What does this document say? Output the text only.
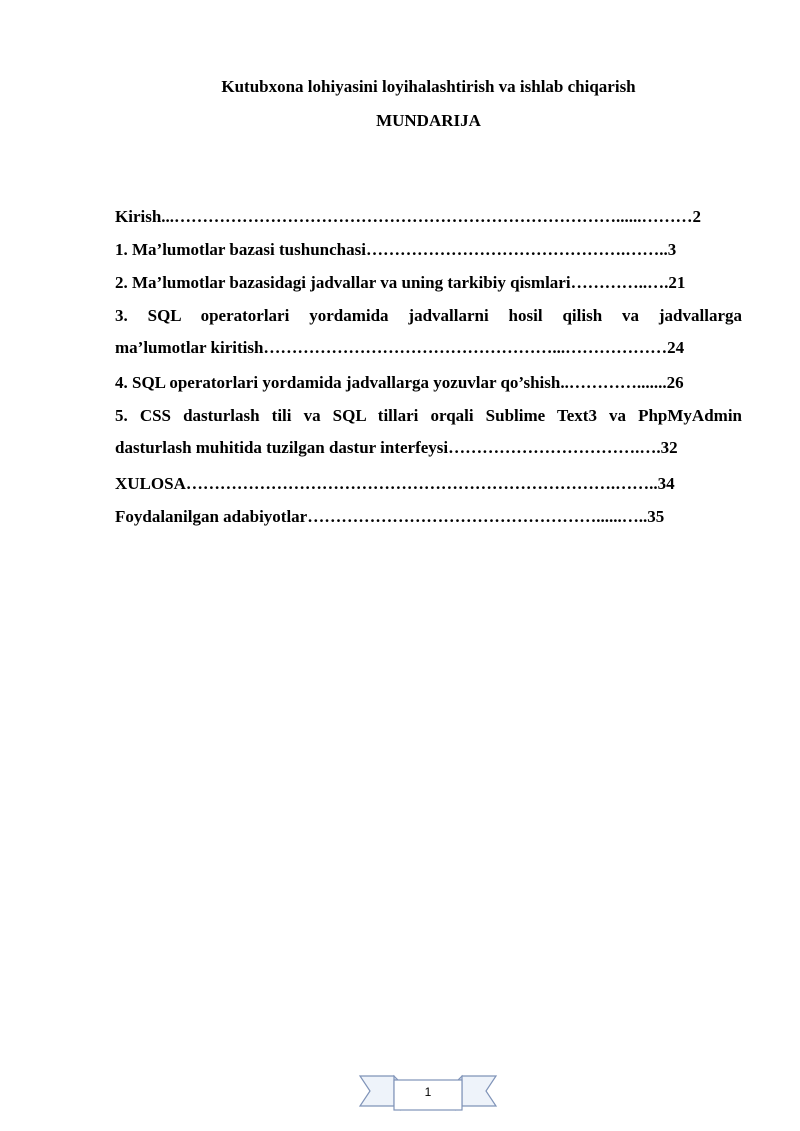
Kutubxona lohiyasini loyihalashtirish va ishlab chiqarish
MUNDARIJA
Kirish...……………………………………………………………………......………2
1. Ma’lumotlar bazasi tushunchasi……………………………………….……..3
2. Ma’lumotlar bazasidagi jadvallar va uning tarkibiy qismlari…………..….21
3. SQL operatorlari yordamida jadvallarni hosil qilish va jadvallarga
ma’lumotlar kiritish……………………………………………...………………24
4. SQL operatorlari yordamida jadvallarga yozuvlar qo’shish..………….......26
5. CSS dasturlash tili va SQL tillari orqali Sublime Text3 va PhpMyAdmin
dasturlash muhitida tuzilgan dastur interfeysi…………………………….….32
XULOSA………………………………………………………………….……..34
Foydalanilgan adabiyotlar……………………………………………......…..35
1
